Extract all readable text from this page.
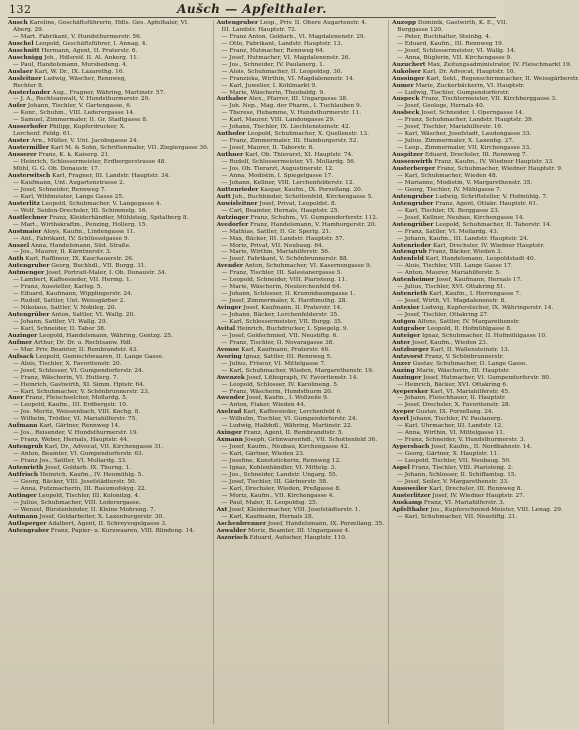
132	Aušch — Apfelthaler.
Ausch Karoline, Geschäftsführerin, Hdls. Ges. Apfelhaler, VI.
Aberg. 29.
— Mart. Fabrikant, V. Hundsthurmerstr. 56.
Auschel Leopold, Geschäftsführer, I. Annag. 4.
Auschnitt Hermann, Agent, II. Praterstr. 6.
Auschnigg Joh., Hdlsreif, II. Al. Ankerg. 11.
— Paul, Handelsmann, Mursbedeng. 4.
Auslaer Karl, W. Dr., IX. Lazarethg. 16.
Ausleitner Ludwig, Wäscher, Rennweg,
Rechter 8.
Austerlander Aug., Fragner, Währing, Martinstr. 57.
— J. A., Rechtsanwalt, V. Hundsthurmerstr. 20.
Aufer Johann, Tischler, V. Gartengasse, 6.
— Konr., Schuhm., VIII. Lederergasse 14.
— Samuel, Zimmermaler, II. Gr. Stadtgasse 8.
Ausserhofer Philipp, Kupferdrucker, X.
Lerchenf. Feldg. 61.
Auster Arn., Müller, V. Unt. Jacobsgasse 24.
Austermiller Karl M. & Sohn, Schriftenmaler, VII. Zieglergasse 30.
Ausserer Franz, K. k. Kaiserg. 21.
— Heinrich, Schlossermeister, Erdbergerstrasse 48.
Mühl, G. G. Ob. Donaustr. 17.
Austerwitsch Karl, Fragner, III. Landstr. Hauptstr. 34.
— Kaufmann, Unt. Augartenstrasse 2.
— Josef, Schneider, Rennweg 7.
— Karl, Wildmeister, Lange Gasse 25.
Austerlitz Leopold, Schuhmacher, V. Langegasse 4.
— Wolf, Seiden-Drechsler, III. Schimmelg. 16.
Austlechner Franz, Kleiderhändler, Mühlsteig, Spitalberg 8.
— Mart., Wirthskraftm., Penzing, Hollerg. 15.
Austmaier Aloys, Kaufm., Lindengasse 11.
— Ant., Fabrikant, IV. Schlüsselgasse 9.
Auszel Anna, Handelsmann, Süd. Straße.
— Jos., Maurer, II. Kärntnerstr. 3.
Auth Karl, Raffineur, IX. Kaschauerstr. 26.
Autengruber Georg, Buchhdl., VII. Burgg. 31.
Autmenger Josef, Portrait-Maler, I. Ob. Donaustr. 34.
— Lambert, Kaffeesieder, VII. Hermg. 1.
— Franz, Aussteller, Karlsg. 5.
— Eduard, Kaufmann, Wipplingerstr. 24.
— Rudolf, Sattler, Unt. Weissgärber 2.
— Nikolaus, Sattler, V. Nobileg. 20.
Autengrüber Anton, Sattler, VI. Wallg. 20.
— Johann, Sattler, VI. Wallg. 29.
— Karl, Schneider, II. Tabor 38.
Auzinger Leopold, Handelsmann, Währing, Gentzg. 25.
Aufmer Arthur, Dr. Dr. u. Rechtsanw. Hdl.
— Mar. Priv. Beamter, II. Rembrandstr. 43.
Aufsack Leopold, Gemischtwaaren, II. Lange Gasse.
— Alois, Tischler, X. Favoritenstr. 20.
— Josef, Schlosser, VI. Gumpendorferstr. 24.
— Franz, Wäscherin, VI. Hutterg. 7.
— Heinrich, Gastwirth, XI. Simm. Hptstr. 64.
— Karl, Schuhmacher, V. Schönbrunnerstr. 23.
Auer Franz, Fleischselcher, Mollardg. 5.
— Leopold, Kaufm., III. Erdbergstr. 10.
— Jos. Moritz, Weissenbach, VIII. Kochg. 8.
— Wilhelm, Trödler, VI. Mariahilferstr. 75.
Aufmann Karl, Gärtner, Rennweg 14.
— Jos., Reisender, V. Hundsthurmerstr. 19.
— Franz, Weber, Hernals, Hauptstr. 44.
Autengrub Karl, Dr., Advocat, VII. Kirchengasse 31.
— Anton, Beamter, VI. Gumpendorferstr. 63.
— Franz Jos., Sattler, VI. Mollardg. 33.
Autenrieth Josef, Goldarb. IX. Thurng. 1.
Autfrisch Heinrich, Kaufm., IV. Heumühlg. 5.
— Georg, Bäcker, VIII. Josefstädterstr. 50.
— Anna, Putzmacherin, III. Rasumofskyg. 22.
Autinger Leopold, Tischler, III. Kolonitzg. 4.
— Julius, Schuhmacher, VIII. Lederergasse.
— Wenzel, Bürstenbinder, II. Kleine Mohreng. 7.
Autmann Josef, Goldarbeiter, X. Laxenburgerstr. 30.
Autlsperger Adalbert, Agent, II. Schreyvogelgasse 3.
Autengraber Franz, Papier- u. Kurzwaaren, VIII. Blindeng. 14.
Autengruber Leop., Priv. II. Obere Augartenstr. 4.
III. Landstr. Hauptstr. 72.
— Franz Anton, Goldarb., VI. Magdalenenstr. 29.
— Otto, Fabrikant, Landstr. Hauptstr. 13.
— Franz, Hutmacher, Rennweg 64.
— Josef, Hutmacher, VI. Magdalenenstr. 26.
— Jos., Schneider, IV. Paulanerg. 1.
— Alois, Schuhmacher, II. Leopoldsg. 30.
— Franziska, Wirthin, VI. Magdalenenstr. 14.
— Karl, Juwelier, I. Kohlmarkt 9.
— Marie, Wäscherin, Theobaldg. 9.
Authaber Alex., Pfarrer, III. Ungargasse 38.
— Joh. Nep., Mag. der Pharm., I. Tuchlauben 9.
— Therese, Hebamme, V. Hundsthurmerstr. 11.
— Karl, Maurer, VIII. Landongasse 29.
— Johann, Tischler, IX. Liechtensteinstr. 42.
Authofer Leopold, Schuhmacher, X. Quellenstr. 13.
— Franz, Zimmermaler, III. Hainburgerstr. 52.
— Josef, Maurer, II. Taborstr. 8.
Authner Karl, Ob. Thierarzt, XI. Hauptstr. 74.
— Rudolf, Schlossermeister, VI. Mollardg. 56.
— Jos. Ob. Tierarzt, Augustinerstr. 12.
— Anna, Modistin, I. Spiegelgasse 17.
— Johann, Kellner, VIII. Lerchenfelderstr. 12.
Auttenrieder Kaspar, Kaufm., IX. Porzellang. 20.
Autt Joh., Buchbinder, Schottenfeld, Kirchengasse 5.
Auwisleitner Josef, Privat, Leopoldst. 8.
— Carl, Beamter, Hernals, Hauptstr. 25.
Autzinger Franz, Schuhm., VI. Gumpendorferstr. 112.
Avedorfer Franz, Handelsmann, V. Hamburgerstr. 20.
— Mathias, Sattler, II. Gr. Sperlg. 21.
— Max, Bäcker, III. Landstr. Hauptstr. 57.
— Moriz, Privat, VII. Neubaug. 64.
— Marie, Wirthin, Mariahilferstr. 56.
— Josef, Fabrikant, V. Schönbrunnerstr. 88.
Avender Anton, Schuhmacher, VI. Kasernengasse 9.
— Franz, Tischler, III. Salesianergasse 5.
— Leopold, Schneider, VIII. Piaristeng. 11.
— Marie, Wäscherin, Neulerchenfeld 64.
— Johann, Schlosser, II. Krummbaumgasse 1.
— Josef, Zimmermaler, X. Hardtmuthg. 28.
Avinger Josef, Kaufmann, II. Praterstr. 14.
— Johann, Bäcker, Lerchenfelderstr. 35.
— Karl, Schlossermeister, VII. Burgg. 35.
Avital Heinrich, Buchdrucker, I. Spiegelg. 9.
— Josef, Goldschmied, VII. Neustiftg. 6.
— Franz, Tischler, II. Novaragasse 38.
Avonse Karl, Kaufmann, Praterstr. 46.
Avoring Ignaz, Sattler, III. Rennweg 5.
— Julius, Friseur, VI. Mittelgasse 7.
— Karl, Schuhmacher, Wieden, Margarethenstr. 19.
Awenzek Josef, Lithograph, IV. Favoritenstr. 14.
— Leopold, Schlosser, IV. Karolineng. 5.
— Franz, Wäscherin, Hundsthurm 20.
Awender Josef, Kaufm., I. Wollzeile 9.
— Anton, Fiaker, Wieden 44.
Axelrad Karl, Kaffeesieder, Lerchenfeld 6.
— Wilhelm, Tischler, VI. Gumpendorferstr. 24.
— Ludwig, Halbhdl., Währing, Martinstr. 22.
Axinger Franz, Agent, II. Rembrandtstr. 5.
Axmann Joseph, Grünwarenhdl., VII. Schottenfeld 36.
— Josef, Kaufm., Neubau, Kirchengasse 42.
— Karl, Gärtner, Wieden 23.
— Josefine, Kunststickerin, Rennweg 12.
— Ignaz, Kohlenhändler, VI. Mittelg. 3.
— Jos., Schneider, Landstr. Ungarg. 55.
— Josef, Tischler, III. Gärtnerstr. 58.
— Karl, Drechsler, Wieden, Preßgasse 8.
— Moriz, Kaufm., VII. Kirchengasse 4.
— Paul, Maler, II. Leopoldsg. 25.
Axt Josef, Kleidermacher, VIII. Josefstädterstr. 1.
— Karl, Kaufmann, Hernals 28.
Aschenbrenner Josef, Handelsmann, IX. Porzellang. 35.
Aswalder Moriz, Beamter, III. Ungargasse 4.
Aszorisch Eduard, Aufseher, Hauptstr. 110.
Auzopp Dominik, Gastwirth, K. E., VII.
Burggasse 120.
— Peter, Buchhalter, Steinbg. 4.
— Eduard, Kaufm., III. Rennweg 19.
— Josef, Schlossermeister, VI. Wallg. 14.
— Anna, Büglerin, VII. Kirchengasse 9.
Auzuchert Max, Zeitungsadministrator, IV. Fleischmarkt 19.
Aukolser Karl, Dr. Advocat, Hauptstr. 10.
Aussinger Karl, Sekt., Regenschirmmacher, II. Weissgärberstr.
Aumer Marie, Zuckerbäckerin, VI. Hauptstr.
— Ludwig, Tischler, Gumpendorferstr.
Auspeck Franz, Tischlermeister, VII. Kirchberggasse 3.
— Josef, Geologe, Hernals 40.
Ausbeck Josef, Schneider, I. Operngasse 14.
— Franz, Schuhmacher, Landstr. Hauptstr. 39.
— Josef, Tischler, Mariahilferstr. 16.
— Karl, Wäscher, Josefstadt, Laudongasse 33.
— Julius, Zimmermaler, X. Laxenbg. 27.
— Leop., Zimmermaler, VII. Kirchengasse 33.
Auspitzer Eduard, Drechsler, III. Rennweg 7.
Aussenwirth Franz, Kaufm., IV. Wiedner Hauptstr. 33.
Austerberger Franz, Schuhmacher, Wiedner Hauptstr. 9.
— Karl, Schuhmacher, Wieden 48.
— Marianne, Modistin, V. Margarethenstr. 35.
— Georg, Tischler, IV. Mühlgasse 7.
Autengruber Ludwig, Schriftsteller, V. Hofmühlg. 7.
Autengruber Franz, Agent, Ottakr. Hauptstr. 61.
— Karl, Tischler, IX. Berggasse 23.
— Josef, Kellner, Neubau, Kirchengasse 14.
Autengrüber Leopold, Schuhmacher, II. Taborstr. 14.
— Franz, Sattler, VI. Mollardg. 43.
— Johann, Kaufm., III. Landstr. Hauptstr. 24.
Autenrieder Karl, Drechsler, IV. Wiedner Hauptstr.
Autengrub Franz, Bäcker, Wieden 3.
Autenfeld Karl, Handelsmann, Leopoldstadt 40.
— Alois, Tischler, VIII. Lange Gasse 17.
— Anton, Maurer, Mariahilferstr. 5.
Autenheimer Josef, Kaufmann, Hernals 17.
— Julius, Tischler, XVI. Ottakring 51.
Autenrieth Karl, Kaufm., I. Herrengasse 7.
— Josef, Wirth, VI. Magdalenenstr. 8.
Autexier Ludwig, Kupferstecher, IX. Währingerstr. 14.
— Josef, Tischler, Ottakring 27.
Autgon Alfons, Sattler, IV. Margarethenstr.
Autgraber Leopold, II. Hofmühlgasse 8.
Auteiger Ignaz, Schuhmacher, II. Hofmühlgasse 10.
Auter Josef, Kaufm., Wieden 23.
Autzburger Karl, II. Wallensteinstr. 13.
Autzvorst Franz, V. Schönbrunnerstr.
Auzer Gustav, Schuhmacher, II. Lange Gasse.
Auzing Marie, Wäscherin, III. Hauptstr.
Auzinger Josef, Hutmacher, VI. Gumpendorferstr. 80.
— Heinrich, Bäcker, XVI. Ottakring 6.
Ayepersker Karl, VI. Mariahilferstr. 45.
— Johann, Fleischhauer, II. Hauptstr.
— Josef, Drechsler, X. Favoritenstr. 28.
Ayeper Gustav, IX. Porzellang. 24.
Ayerl Johann, Tischler, IV. Paulanerg.
— Karl, Uhrmacher, III. Landstr. 12.
— Anna, Wirthin, VI. Mittelgasse 11.
— Franz, Schneider, V. Hundsthurmerstr. 3.
Aypersbach Josef, Kaufm., II. Nordbahnstr. 14.
— Georg, Gärtner, X. Hauptstr. 11.
— Leopold, Tischler, VII. Neubaug. 50.
Aspel Franz, Tischler, VIII. Piaristeng. 2.
— Johann, Schlosser, II. Schiffamtsg. 15.
— Josef, Seiler, V. Margarethenstr. 33.
Aussweiler Karl, Drechsler, III. Rennweg 8.
Austerlitzer Josef, IV. Wiedner Hauptstr. 27.
Auskamp Franz, VI. Mariahilferstr. 3.
Apfelthaler Jos., Kupferschmied-Meister, VIII. Lenag. 29.
— Karl, Schuhmacher, VII. Neustiftg. 21.
